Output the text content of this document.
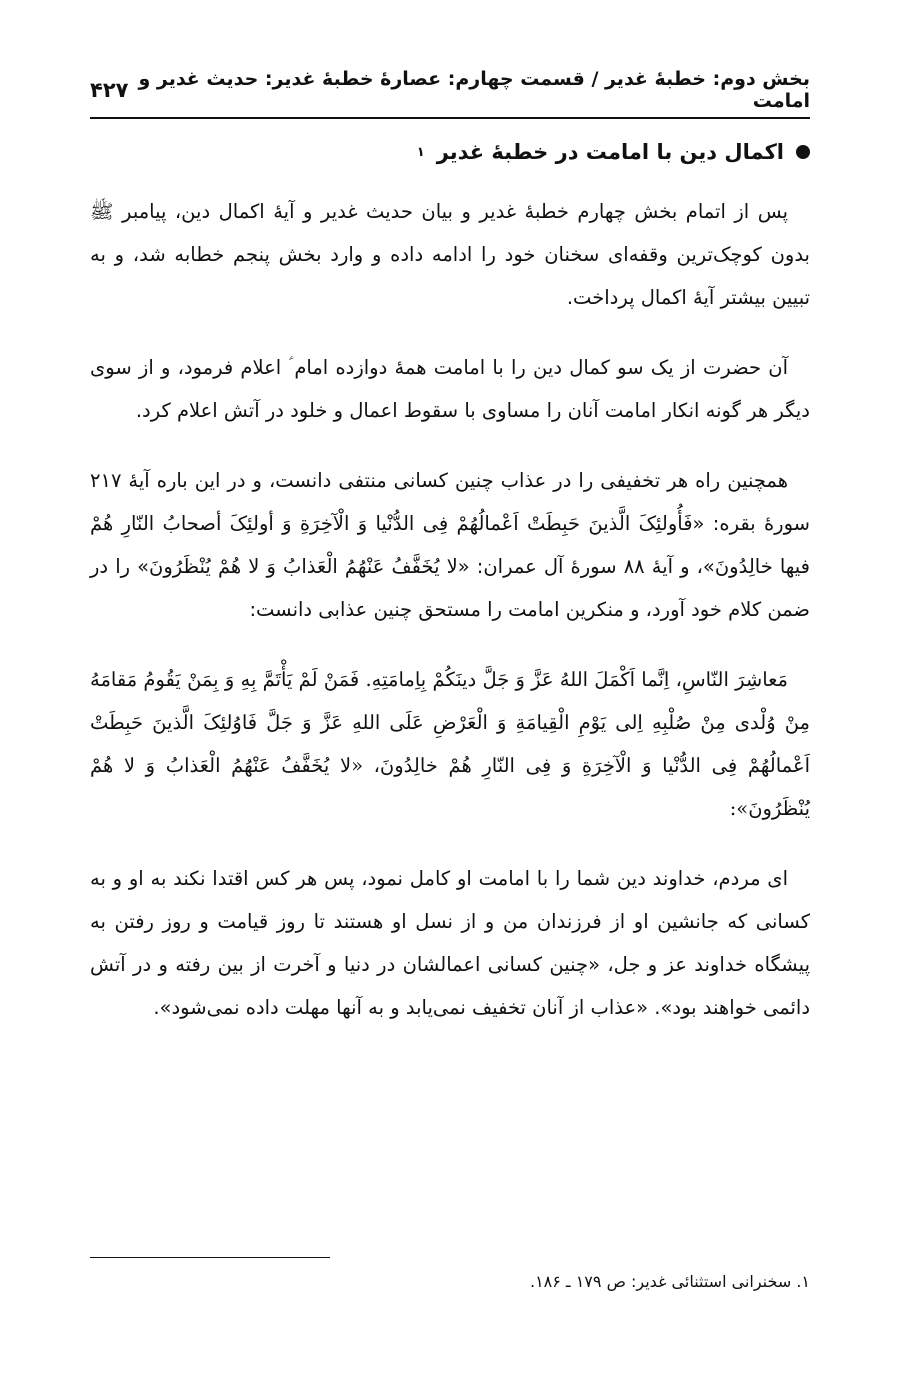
بخش دوم: خطبۀ غدیر / قسمت چهارم: عصارۀ خطبۀ غدیر: حدیث غدیر و امامت
۴۲۷
اکمال دین با امامت در خطبۀ غدیر
۱

پس از اتمام بخش چهارم خطبۀ غدیر و بیان حدیث غدیر و آیۀ اکمال دین، پیامبر ﷺ بدون کوچک‌ترین وقفه‌ای سخنان خود را ادامه داده و وارد بخش پنجم خطابه شد، و به تبیین بیشتر آیۀ اکمال پرداخت.

آن حضرت از یک سو کمال دین را با امامت همۀ دوازده امام ؑ اعلام فرمود، و از سوی دیگر هر گونه انکار امامت آنان را مساوی با سقوط اعمال و خلود در آتش اعلام کرد.

همچنین راه هر تخفیفی را در عذاب چنین کسانی منتفی دانست، و در این باره آیۀ ۲۱۷ سورۀ بقره: «فَأُولئِکَ الَّذینَ حَبِطَتْ اَعْمالُهُمْ فِی الدُّنْیا وَ الْآخِرَةِ وَ أولئِکَ أصحابُ النّارِ هُمْ فیها خالِدُونَ»، و آیۀ ۸۸ سورۀ آل عمران: «لا یُخَفَّفُ عَنْهُمُ الْعَذابُ وَ لا هُمْ یُنْظَرُونَ» را در ضمن کلام خود آورد، و منکرین امامت را مستحق چنین عذابی دانست:

مَعاشِرَ النّاسِ، اِنَّما اَکْمَلَ اللهُ عَزَّ وَ جَلَّ دینَکُمْ بِاِمامَتِهِ. فَمَنْ لَمْ یَأْتَمَّ بِهِ وَ بِمَنْ یَقُومُ مَقامَهُ مِنْ وُلْدی مِنْ صُلْبِهِ اِلی یَوْمِ الْقِیامَةِ وَ الْعَرْضِ عَلَی اللهِ عَزَّ وَ جَلَّ فَاوُلئِکَ الَّذینَ حَبِطَتْ اَعْمالُهُمْ فِی الدُّنْیا وَ الْآخِرَةِ وَ فِی النّارِ هُمْ خالِدُونَ، «لا یُخَفَّفُ عَنْهُمُ الْعَذابُ وَ لا هُمْ یُنْظَرُونَ»:

ای مردم، خداوند دین شما را با امامت او کامل نمود، پس هر کس اقتدا نکند به او و به کسانی که جانشین او از فرزندان من و از نسل او هستند تا روز قیامت و روز رفتن به پیشگاه خداوند عز و جل، «چنین کسانی اعمالشان در دنیا و آخرت از بین رفته و در آتش دائمی خواهند بود». «عذاب از آنان تخفیف نمی‌یابد و به آنها مهلت داده نمی‌شود».

۱. سخنرانی استثنائی غدیر: ص ۱۷۹ ـ ۱۸۶.
